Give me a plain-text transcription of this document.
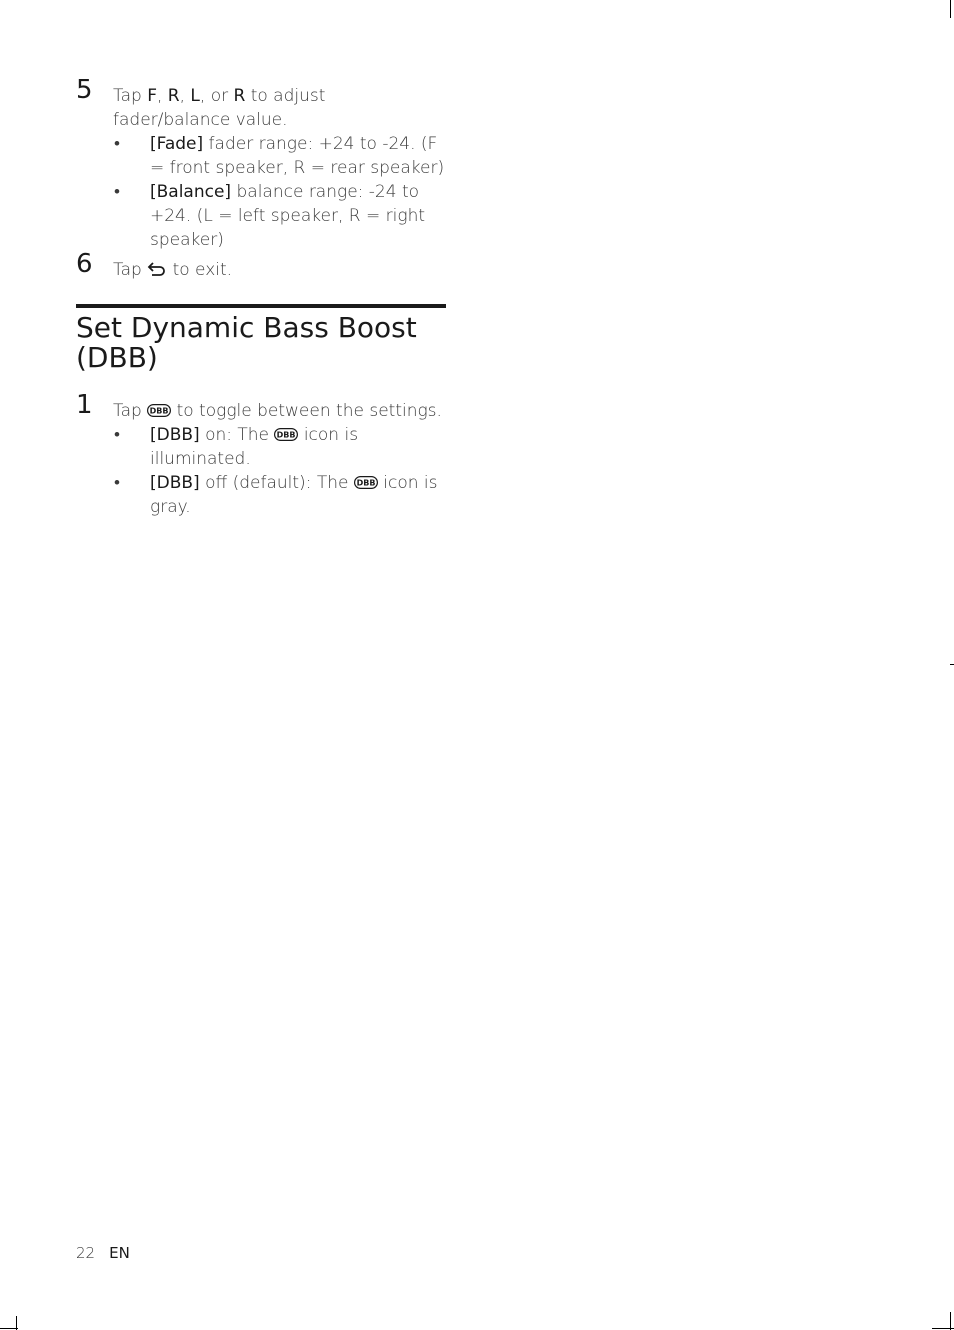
5 Tap F, R, L, or R to adjust fader/balance value.
• [Fade] fader range: +24 to -24. (F = front speaker, R = rear speaker)
• [Balance] balance range: -24 to +24. (L = left speaker, R = right speaker)
6 Tap  to exit.
Set Dynamic Bass Boost (DBB)
1 Tap DBB to toggle between the settings.
• [DBB] on: The DBB icon is illuminated.
• [DBB] off (default): The DBB icon is gray.
22 EN
